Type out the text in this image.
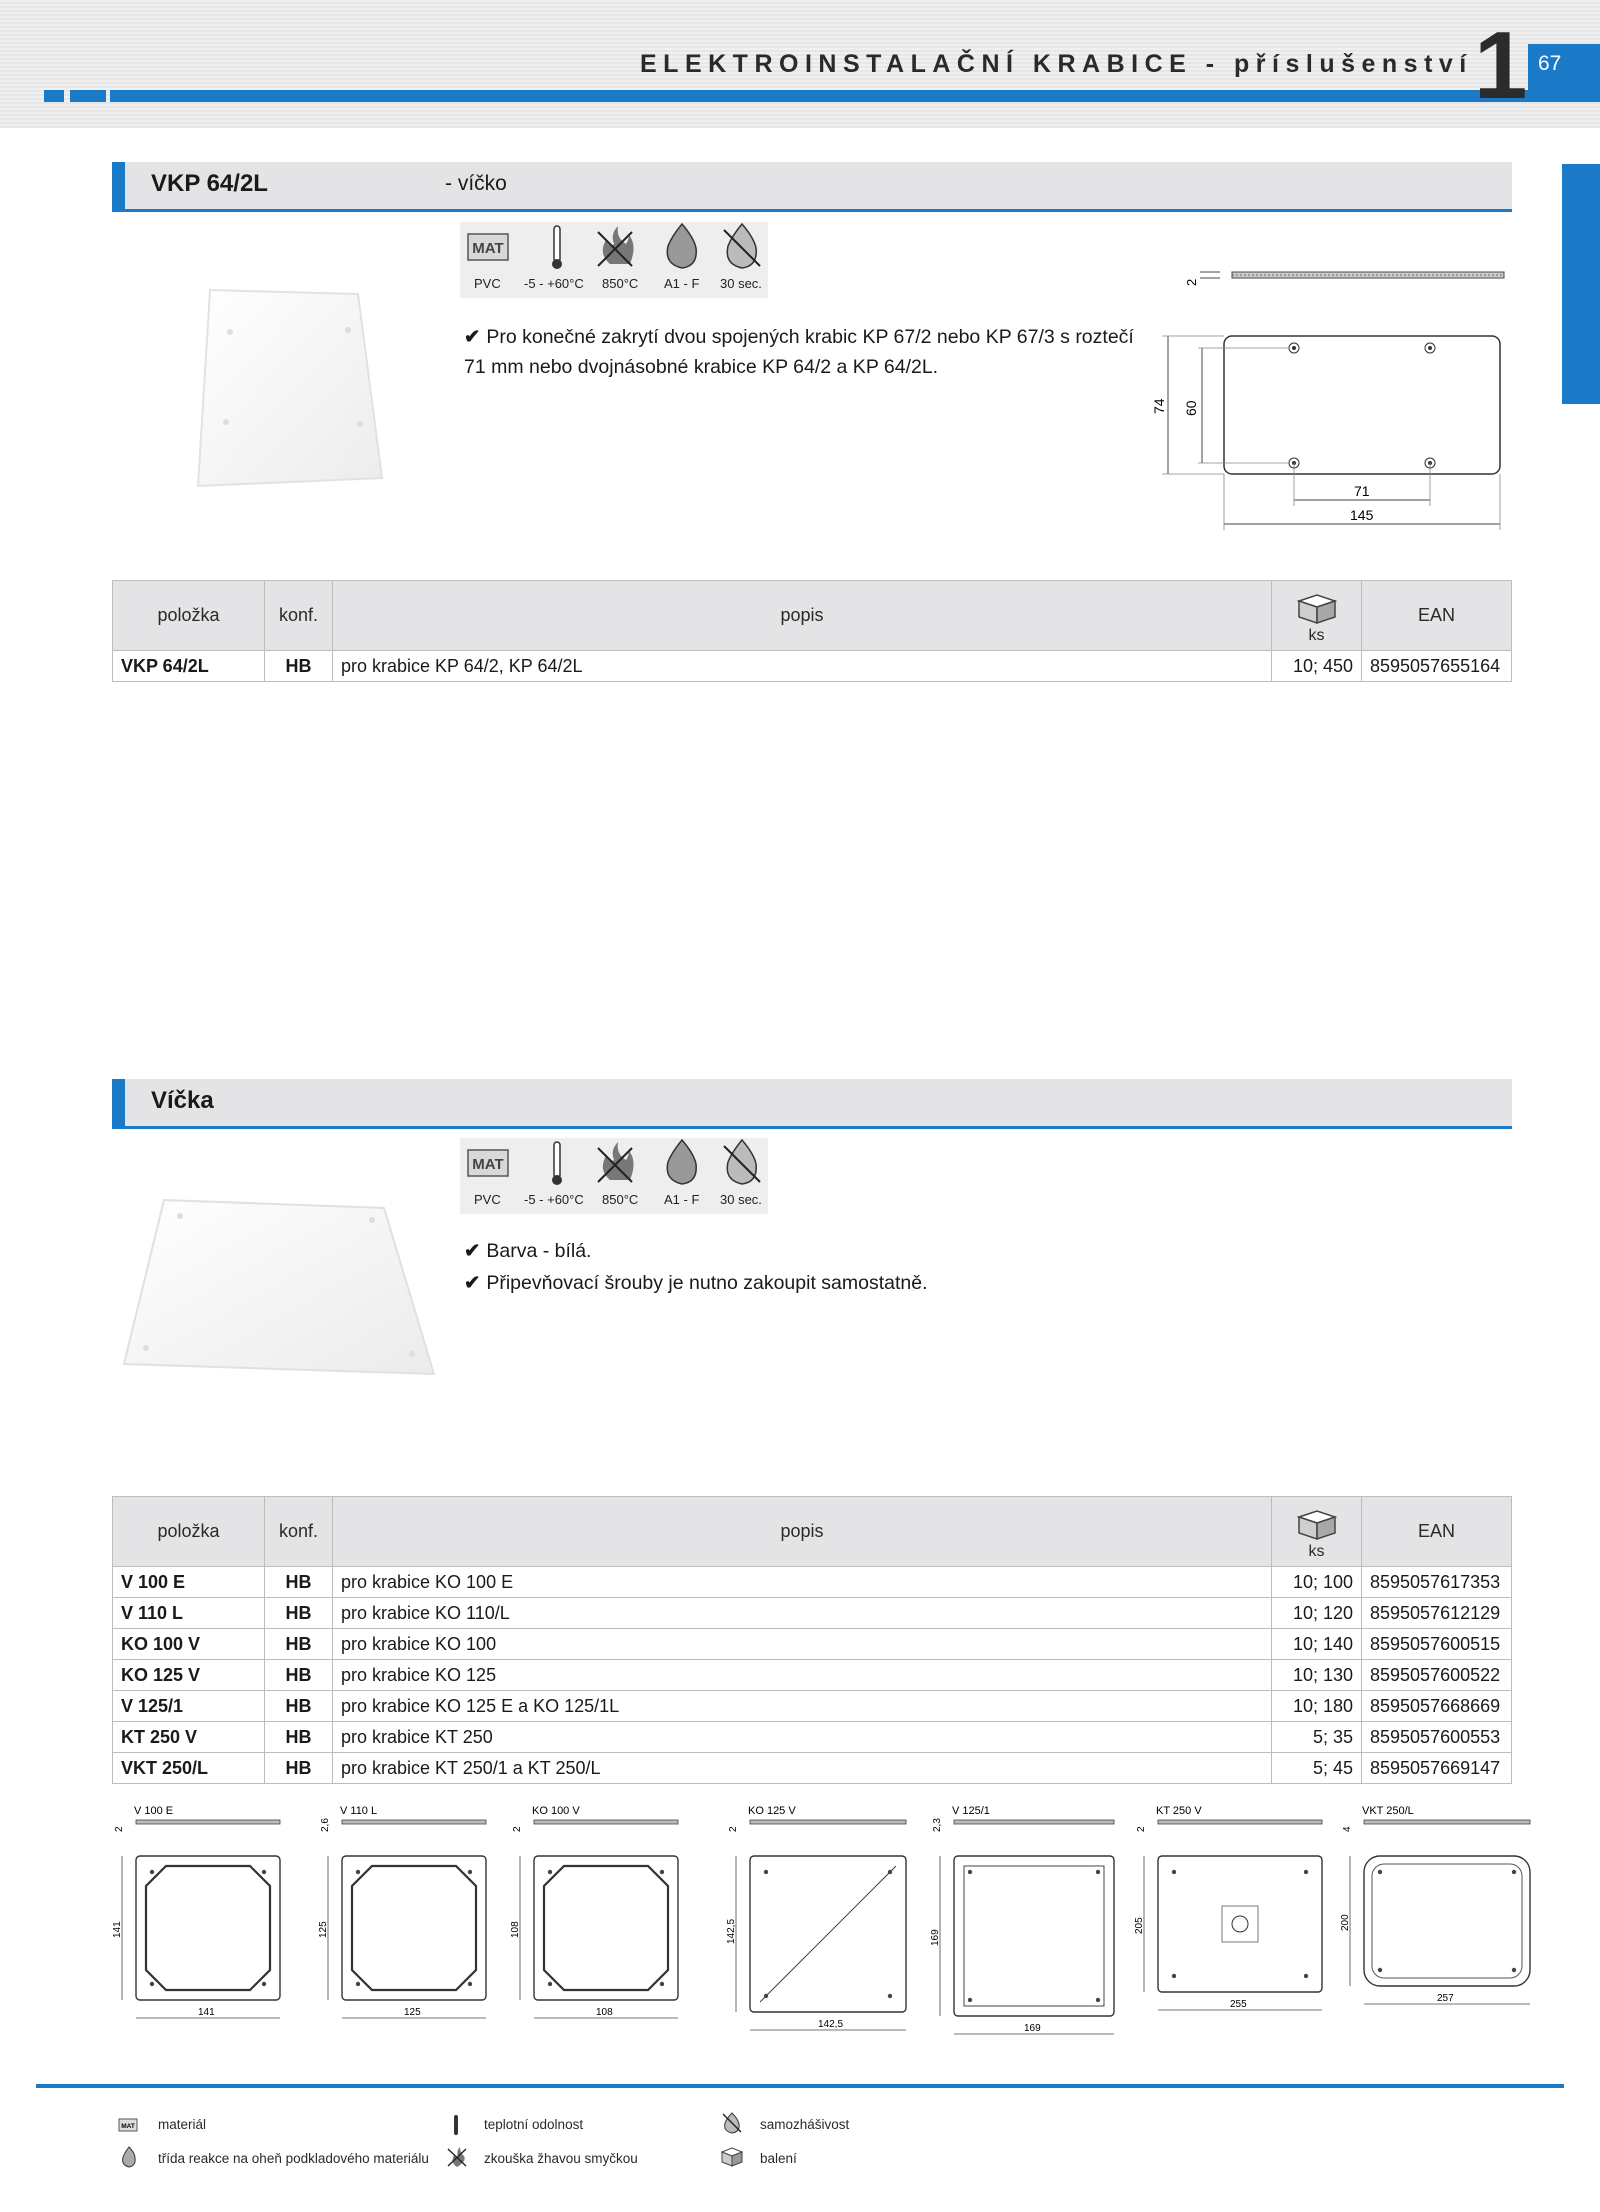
ELEKTROINSTALAČNÍ KRABICE - příslušenství 1 67
VKP 64/2L	- víčko
MAT
PVC -5 - +60°C 850°C A1 - F 30 sec.
✔ Pro konečné zakrytí dvou spojených krabic KP 67/2 nebo KP 67/3 s roztečí
71 mm nebo dvojnásobné krabice KP 64/2 a KP 64/2L.
2
74 60
71
145
položka	konf.	popis	ks	EAN
VKP 64/2L	HB	pro krabice KP 64/2, KP 64/2L	10; 450	8595057655164
Víčka
MAT
PVC -5 - +60°C 850°C A1 - F 30 sec.
✔ Barva - bílá.
✔ Připevňovací šrouby je nutno zakoupit samostatně.
položka	konf.	popis	ks	EAN
V 100 E	HB	pro krabice KO 100 E	10; 100	8595057617353
V 110 L	HB	pro krabice KO 110/L	10; 120	8595057612129
KO 100 V	HB	pro krabice KO 100	10; 140	8595057600515
KO 125 V	HB	pro krabice KO 125	10; 130	8595057600522
V 125/1	HB	pro krabice KO 125 E a KO 125/1L	10; 180	8595057668669
KT 250 V	HB	pro krabice KT 250	5; 35	8595057600553
VKT 250/L	HB	pro krabice KT 250/1 a KT 250/L	5; 45	8595057669147
V 100 E
2
141
141
V 110 L
2,6
125
125
KO 100 V
2
108
108
KO 125 V
2
142,5
142,5
V 125/1
2,3
169
169
KT 250 V
2
205
255
VKT 250/L
4
200
257
MAT materiál	teplotní odolnost	samozhášivost
třída reakce na oheň podkladového materiálu	zkouška žhavou smyčkou	balení
